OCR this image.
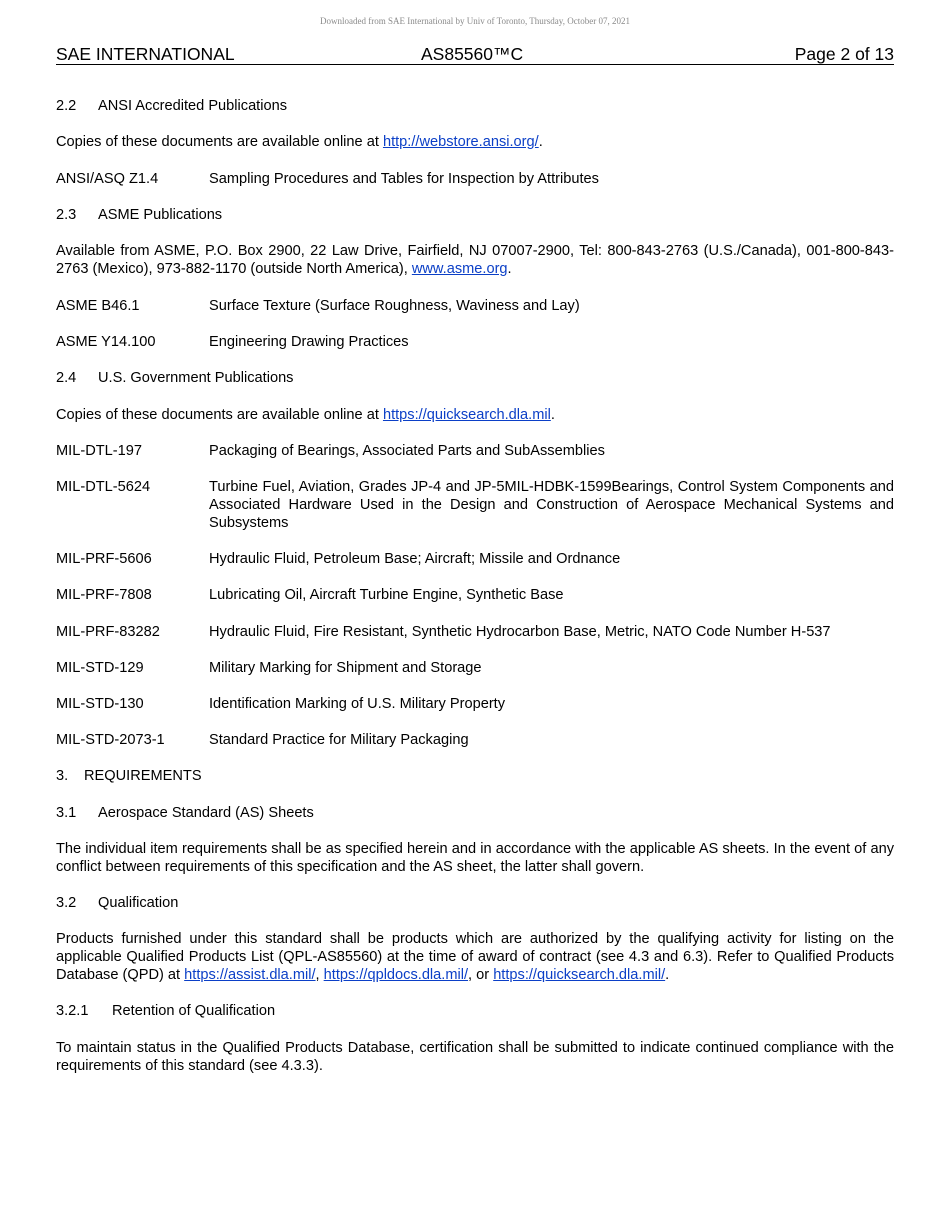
Downloaded from SAE International by Univ of Toronto, Thursday, October 07, 2021
SAE INTERNATIONAL	AS85560™C	Page 2 of 13
2.2	ANSI Accredited Publications
Copies of these documents are available online at http://webstore.ansi.org/.
ANSI/ASQ Z1.4	Sampling Procedures and Tables for Inspection by Attributes
2.3	ASME Publications
Available from ASME, P.O. Box 2900, 22 Law Drive, Fairfield, NJ 07007-2900, Tel: 800-843-2763 (U.S./Canada), 001-800-843-2763 (Mexico), 973-882-1170 (outside North America), www.asme.org.
ASME B46.1	Surface Texture (Surface Roughness, Waviness and Lay)
ASME Y14.100	Engineering Drawing Practices
2.4	U.S. Government Publications
Copies of these documents are available online at https://quicksearch.dla.mil.
MIL-DTL-197	Packaging of Bearings, Associated Parts and SubAssemblies
MIL-DTL-5624	Turbine Fuel, Aviation, Grades JP-4 and JP-5MIL-HDBK-1599Bearings, Control System Components and Associated Hardware Used in the Design and Construction of Aerospace Mechanical Systems and Subsystems
MIL-PRF-5606	Hydraulic Fluid, Petroleum Base; Aircraft; Missile and Ordnance
MIL-PRF-7808	Lubricating Oil, Aircraft Turbine Engine, Synthetic Base
MIL-PRF-83282	Hydraulic Fluid, Fire Resistant, Synthetic Hydrocarbon Base, Metric, NATO Code Number H-537
MIL-STD-129	Military Marking for Shipment and Storage
MIL-STD-130	Identification Marking of U.S. Military Property
MIL-STD-2073-1	Standard Practice for Military Packaging
3.	REQUIREMENTS
3.1	Aerospace Standard (AS) Sheets
The individual item requirements shall be as specified herein and in accordance with the applicable AS sheets. In the event of any conflict between requirements of this specification and the AS sheet, the latter shall govern.
3.2	Qualification
Products furnished under this standard shall be products which are authorized by the qualifying activity for listing on the applicable Qualified Products List (QPL-AS85560) at the time of award of contract (see 4.3 and 6.3). Refer to Qualified Products Database (QPD) at https://assist.dla.mil/, https://qpldocs.dla.mil/, or https://quicksearch.dla.mil/.
3.2.1	Retention of Qualification
To maintain status in the Qualified Products Database, certification shall be submitted to indicate continued compliance with the requirements of this standard (see 4.3.3).
